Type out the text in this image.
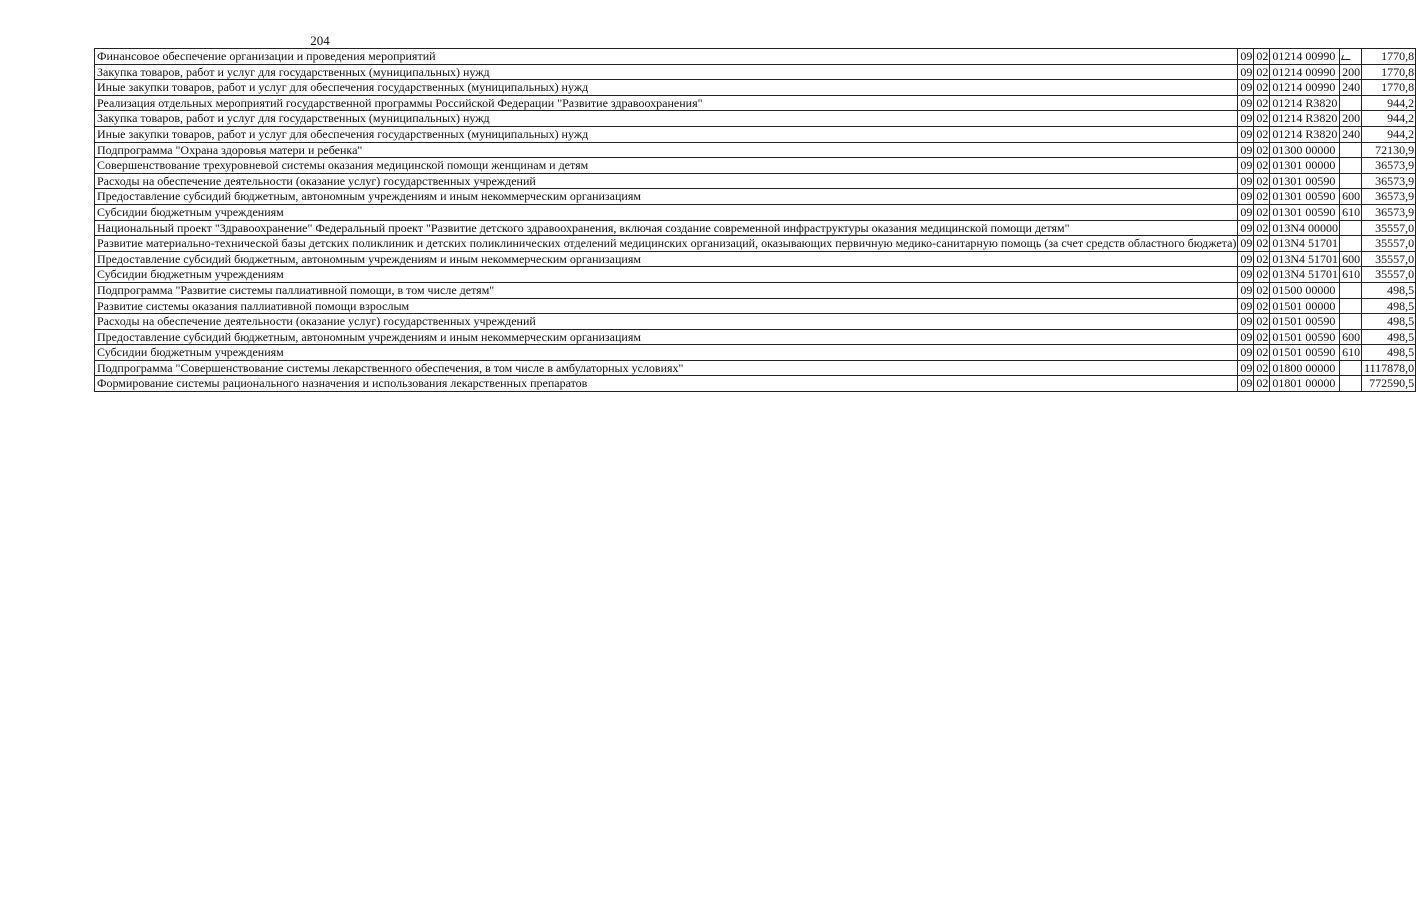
204
Финансовое обеспечение организации и проведения мероприятий	09	02	01214 00990		1770,8
Закупка товаров, работ и услуг для государственных (муниципальных) нужд	09	02	01214 00990	200	1770,8
Иные закупки товаров, работ и услуг для обеспечения государственных (муниципальных) нужд	09	02	01214 00990	240	1770,8
Реализация отдельных мероприятий государственной программы Российской Федерации "Развитие здравоохранения"	09	02	01214 R3820		944,2
Закупка товаров, работ и услуг для государственных (муниципальных) нужд	09	02	01214 R3820	200	944,2
Иные закупки товаров, работ и услуг для обеспечения государственных (муниципальных) нужд	09	02	01214 R3820	240	944,2
Подпрограмма "Охрана здоровья матери и ребенка"	09	02	01300 00000		72130,9
Совершенствование трехуровневой системы оказания медицинской помощи женщинам и детям	09	02	01301 00000		36573,9
Расходы на обеспечение деятельности (оказание услуг) государственных учреждений	09	02	01301 00590		36573,9
Предоставление субсидий бюджетным, автономным учреждениям и иным некоммерческим организациям	09	02	01301 00590	600	36573,9
Субсидии бюджетным учреждениям	09	02	01301 00590	610	36573,9
Национальный проект "Здравоохранение" Федеральный проект "Развитие детского здравоохранения, включая создание современной инфраструктуры оказания медицинской помощи детям"	09	02	013N4 00000		35557,0
Развитие материально-технической базы детских поликлиник и детских поликлинических отделений медицинских организаций, оказывающих первичную медико-санитарную помощь (за счет средств областного бюджета)	09	02	013N4 51701		35557,0
Предоставление субсидий бюджетным, автономным учреждениям и иным некоммерческим организациям	09	02	013N4 51701	600	35557,0
Субсидии бюджетным учреждениям	09	02	013N4 51701	610	35557,0
Подпрограмма "Развитие системы паллиативной помощи, в том числе детям"	09	02	01500 00000		498,5
Развитие системы оказания паллиативной помощи взрослым	09	02	01501 00000		498,5
Расходы на обеспечение деятельности (оказание услуг) государственных учреждений	09	02	01501 00590		498,5
Предоставление субсидий бюджетным, автономным учреждениям и иным некоммерческим организациям	09	02	01501 00590	600	498,5
Субсидии бюджетным учреждениям	09	02	01501 00590	610	498,5
Подпрограмма "Совершенствование системы лекарственного обеспечения, в том числе в амбулаторных условиях"	09	02	01800 00000		1117878,0
Формирование системы рационального назначения и использования лекарственных препаратов	09	02	01801 00000		772590,5
